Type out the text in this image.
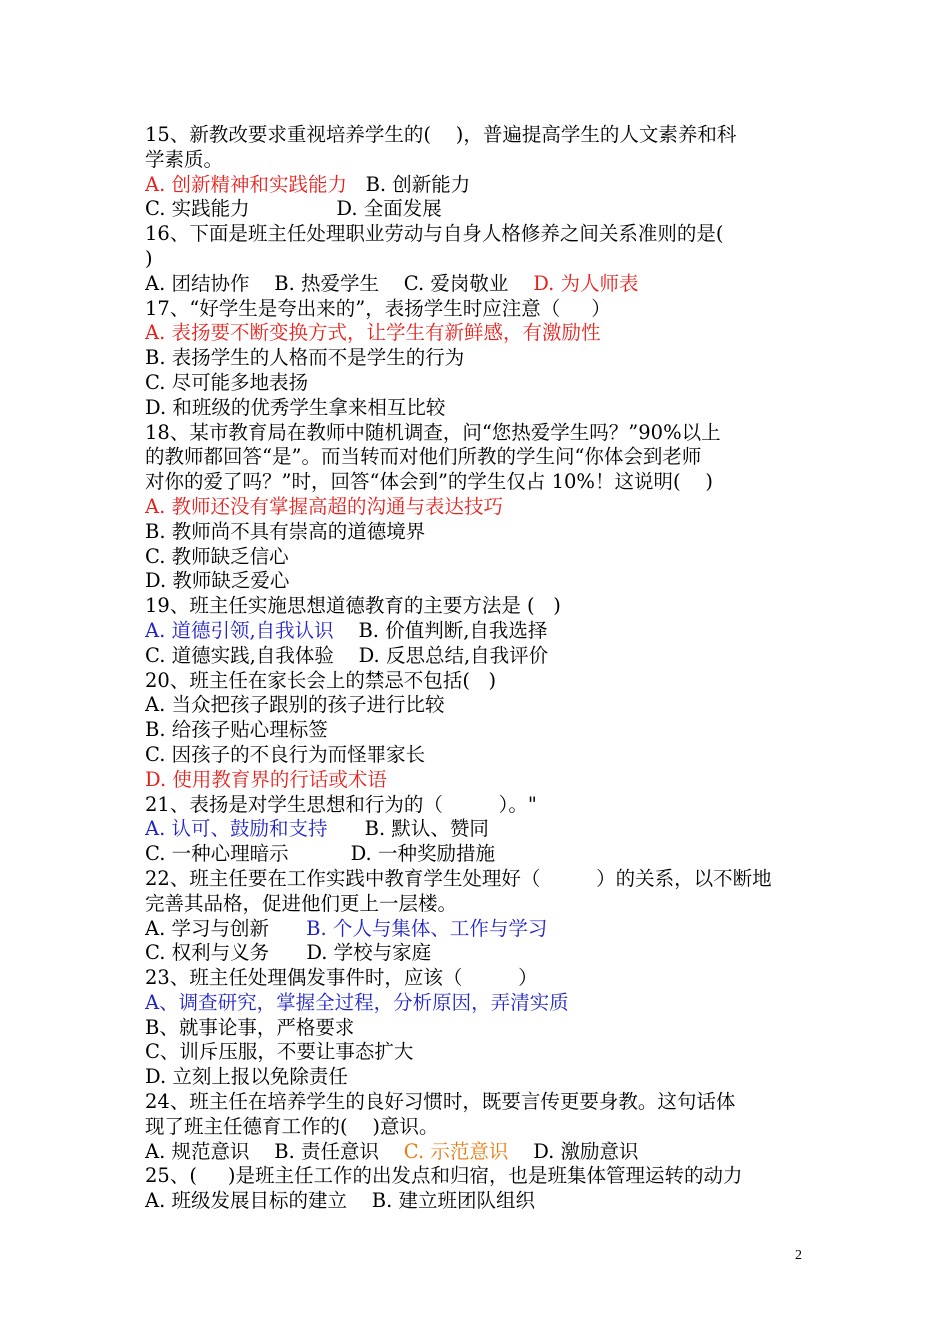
15、新教改要求重视培养学生的(    )，普遍提高学生的人文素养和科
学素质。
A. 创新精神和实践能力   B. 创新能力
C. 实践能力              D. 全面发展
16、下面是班主任处理职业劳动与自身人格修养之间关系准则的是(
)
A. 团结协作    B. 热爱学生    C. 爱岗敬业    D. 为人师表
17、“好学生是夸出来的”，表扬学生时应注意（     ）
A. 表扬要不断变换方式，让学生有新鲜感，有激励性
B. 表扬学生的人格而不是学生的行为
C. 尽可能多地表扬
D. 和班级的优秀学生拿来相互比较
18、某市教育局在教师中随机调查，问“您热爱学生吗？”90%以上
的教师都回答“是”。而当转而对他们所教的学生问“你体会到老师
对你的爱了吗？”时，回答“体会到”的学生仅占 10%！这说明(    )
A. 教师还没有掌握高超的沟通与表达技巧
B. 教师尚不具有崇高的道德境界
C. 教师缺乏信心
D. 教师缺乏爱心
19、班主任实施思想道德教育的主要方法是 (   )
A. 道德引领,自我认识    B. 价值判断,自我选择
C. 道德实践,自我体验    D. 反思总结,自我评价
20、班主任在家长会上的禁忌不包括(   )
A. 当众把孩子跟别的孩子进行比较
B. 给孩子贴心理标签
C. 因孩子的不良行为而怪罪家长
D. 使用教育界的行话或术语
21、表扬是对学生思想和行为的（         ）。"
A. 认可、鼓励和支持      B. 默认、赞同
C. 一种心理暗示          D. 一种奖励措施
22、班主任要在工作实践中教育学生处理好（         ）的关系，以不断地
完善其品格，促进他们更上一层楼。
A. 学习与创新      B. 个人与集体、工作与学习
C. 权利与义务      D. 学校与家庭
23、班主任处理偶发事件时，应该（         ）
A、调查研究，掌握全过程，分析原因，弄清实质
B、就事论事，严格要求
C、训斥压服，不要让事态扩大
D. 立刻上报以免除责任
24、班主任在培养学生的良好习惯时，既要言传更要身教。这句话体
现了班主任德育工作的(    )意识。
A. 规范意识    B. 责任意识    C. 示范意识    D. 激励意识
25、(     )是班主任工作的出发点和归宿，也是班集体管理运转的动力
A. 班级发展目标的建立    B. 建立班团队组织
2
